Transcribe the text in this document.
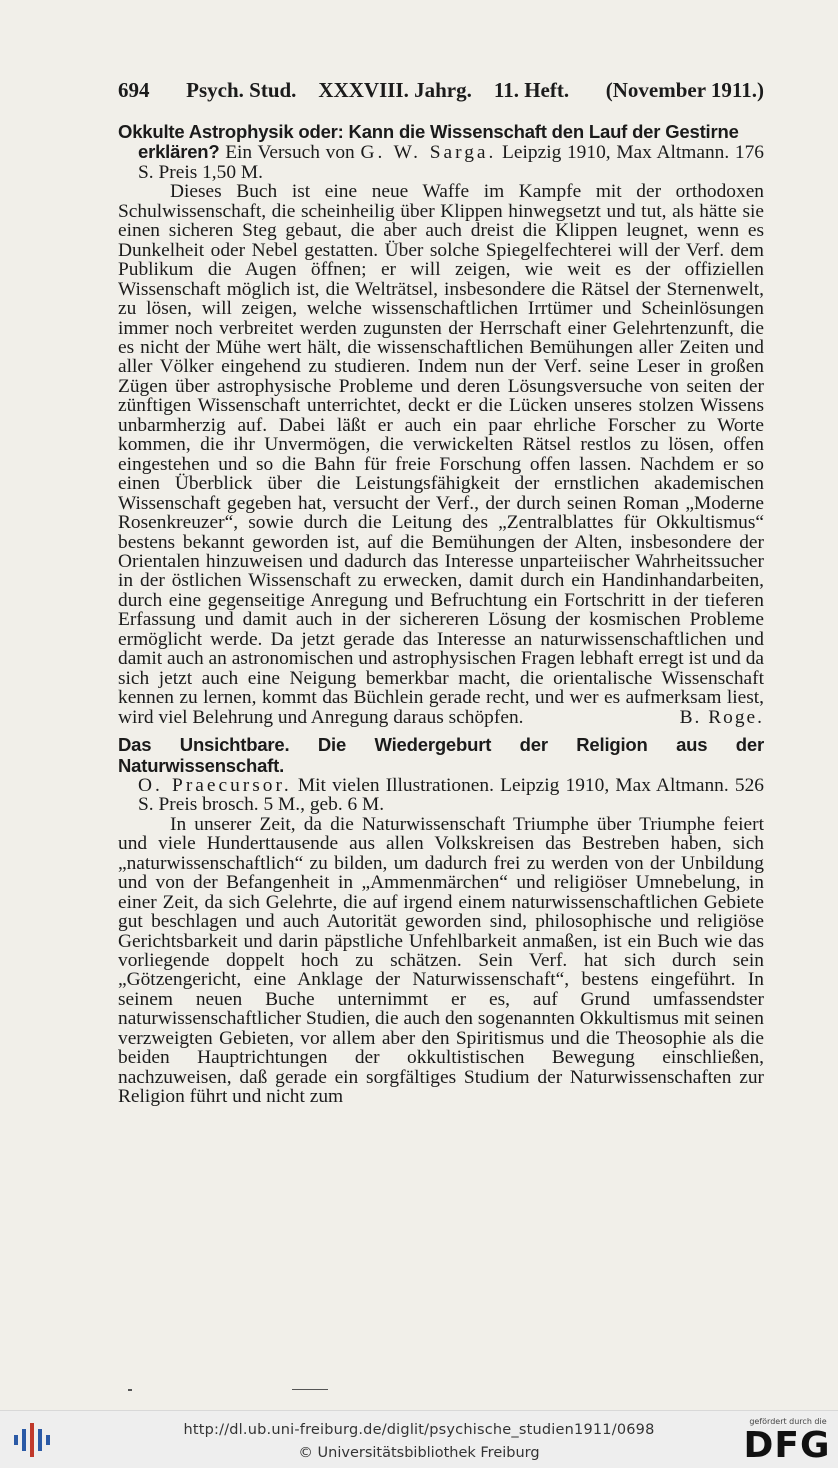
694 Psych. Stud. XXXVIII. Jahrg. 11. Heft. (November 1911.)

Okkulte Astrophysik oder: Kann die Wissenschaft den Lauf der Gestirne
erklären? Ein Versuch von G. W. Sarga. Leipzig 1910, Max Altmann. 176 S. Preis 1,50 M.

Dieses Buch ist eine neue Waffe im Kampfe mit der orthodoxen Schulwissenschaft, die scheinheilig über Klippen hinwegsetzt und tut, als hätte sie einen sicheren Steg gebaut, die aber auch dreist die Klippen leugnet, wenn es Dunkelheit oder Nebel gestatten. Über solche Spiegelfechterei will der Verf. dem Publikum die Augen öffnen; er will zeigen, wie weit es der offiziellen Wissenschaft möglich ist, die Welträtsel, insbesondere die Rätsel der Sternenwelt, zu lösen, will zeigen, welche wissenschaftlichen Irrtümer und Scheinlösungen immer noch verbreitet werden zugunsten der Herrschaft einer Gelehrtenzunft, die es nicht der Mühe wert hält, die wissenschaftlichen Bemühungen aller Zeiten und aller Völker eingehend zu studieren. Indem nun der Verf. seine Leser in großen Zügen über astrophysische Probleme und deren Lösungsversuche von seiten der zünftigen Wissenschaft unterrichtet, deckt er die Lücken unseres stolzen Wissens unbarmherzig auf. Dabei läßt er auch ein paar ehrliche Forscher zu Worte kommen, die ihr Unvermögen, die verwickelten Rätsel restlos zu lösen, offen eingestehen und so die Bahn für freie Forschung offen lassen. Nachdem er so einen Überblick über die Leistungsfähigkeit der ernstlichen akademischen Wissenschaft gegeben hat, versucht der Verf., der durch seinen Roman „Moderne Rosenkreuzer“, sowie durch die Leitung des „Zentralblattes für Okkultismus“ bestens bekannt geworden ist, auf die Bemühungen der Alten, insbesondere der Orientalen hinzuweisen und dadurch das Interesse unparteiischer Wahrheitssucher in der östlichen Wissenschaft zu erwecken, damit durch ein Handinhandarbeiten, durch eine gegenseitige Anregung und Befruchtung ein Fortschritt in der tieferen Erfassung und damit auch in der sichereren Lösung der kosmischen Probleme ermöglicht werde. Da jetzt gerade das Interesse an naturwissenschaftlichen und damit auch an astronomischen und astrophysischen Fragen lebhaft erregt ist und da sich jetzt auch eine Neigung bemerkbar macht, die orientalische Wissenschaft kennen zu lernen, kommt das Büchlein gerade recht, und wer es aufmerksam liest, wird viel Belehrung und Anregung daraus schöpfen.	B. Roge.

Das Unsichtbare. Die Wiedergeburt der Religion aus der Naturwissenschaft.
O. Praecursor. Mit vielen Illustrationen. Leipzig 1910, Max Altmann. 526 S. Preis brosch. 5 M., geb. 6 M.

In unserer Zeit, da die Naturwissenschaft Triumphe über Triumphe feiert und viele Hunderttausende aus allen Volkskreisen das Bestreben haben, sich „naturwissenschaftlich“ zu bilden, um dadurch frei zu werden von der Unbildung und von der Befangenheit in „Ammenmärchen“ und religiöser Umnebelung, in einer Zeit, da sich Gelehrte, die auf irgend einem naturwissenschaftlichen Gebiete gut beschlagen und auch Autorität geworden sind, philosophische und religiöse Gerichtsbarkeit und darin päpstliche Unfehlbarkeit anmaßen, ist ein Buch wie das vorliegende doppelt hoch zu schätzen. Sein Verf. hat sich durch sein „Götzengericht, eine Anklage der Naturwissenschaft“, bestens eingeführt. In seinem neuen Buche unternimmt er es, auf Grund umfassendster naturwissenschaftlicher Studien, die auch den sogenannten Okkultismus mit seinen verzweigten Gebieten, vor allem aber den Spiritismus und die Theosophie als die beiden Hauptrichtungen der okkultistischen Bewegung einschließen, nachzuweisen, daß gerade ein sorgfältiges Studium der Naturwissenschaften zur Religion führt und nicht zum

http://dl.ub.uni-freiburg.de/diglit/psychische_studien1911/0698
© Universitätsbibliothek Freiburg
gefördert durch die
DFG
